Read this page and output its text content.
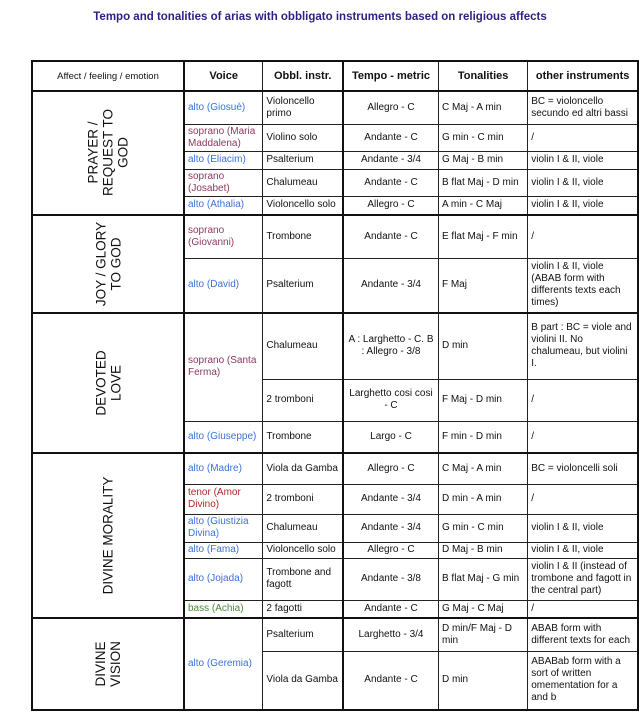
Tempo and tonalities of arias with obbligato instruments based on religious affects
Affect / feeling / emotion	Voice	Obbl. instr.	Tempo - metric	Tonalities	other instruments
PRAYER / REQUEST TO GOD	alto (Giosuè)	Violoncello primo	Allegro - C	C Maj - A min	BC = violoncello secundo ed altri bassi
	soprano (Maria Maddalena)	Violino solo	Andante - C	G min - C min	/
	alto (Eliacim)	Psalterium	Andante - 3/4	G Maj - B min	violin I & II, viole
	soprano (Josabet)	Chalumeau	Andante - C	B flat Maj - D min	violin I & II, viole
	alto (Athalia)	Violoncello solo	Allegro - C	A min - C Maj	violin I & II, viole
JOY / GLORY TO GOD	soprano (Giovanni)	Trombone	Andante - C	E flat Maj - F min	/
	alto (David)	Psalterium	Andante - 3/4	F Maj	violin I & II, viole (ABAB form with differents texts each times)
DEVOTED LOVE	soprano (Santa Ferma)	Chalumeau	A : Larghetto - C. B : Allegro - 3/8	D min	B part : BC = viole and violini II. No chalumeau, but violini I.
		2 tromboni	Larghetto cosi cosi - C	F Maj - D min	/
	alto (Giuseppe)	Trombone	Largo - C	F min - D min	/
DIVINE MORALITY	alto (Madre)	Viola da Gamba	Allegro - C	C Maj - A min	BC = violoncelli soli
	tenor (Amor Divino)	2 tromboni	Andante - 3/4	D min - A min	/
	alto (Giustizia Divina)	Chalumeau	Andante - 3/4	G min - C min	violin I & II, viole
	alto (Fama)	Violoncello solo	Allegro - C	D Maj - B min	violin I & II, viole
	alto (Jojada)	Trombone and fagott	Andante - 3/8	B flat Maj - G min	violin I & II (instead of trombone and fagott in the central part)
	bass (Achia)	2 fagotti	Andante - C	G Maj - C Maj	/
DIVINE VISION	alto (Geremia)	Psalterium	Larghetto - 3/4	D min/F Maj - D min	ABAB form with different texts for each
		Viola da Gamba	Andante - C	D min	ABABab form with a sort of written omementation for a and b
